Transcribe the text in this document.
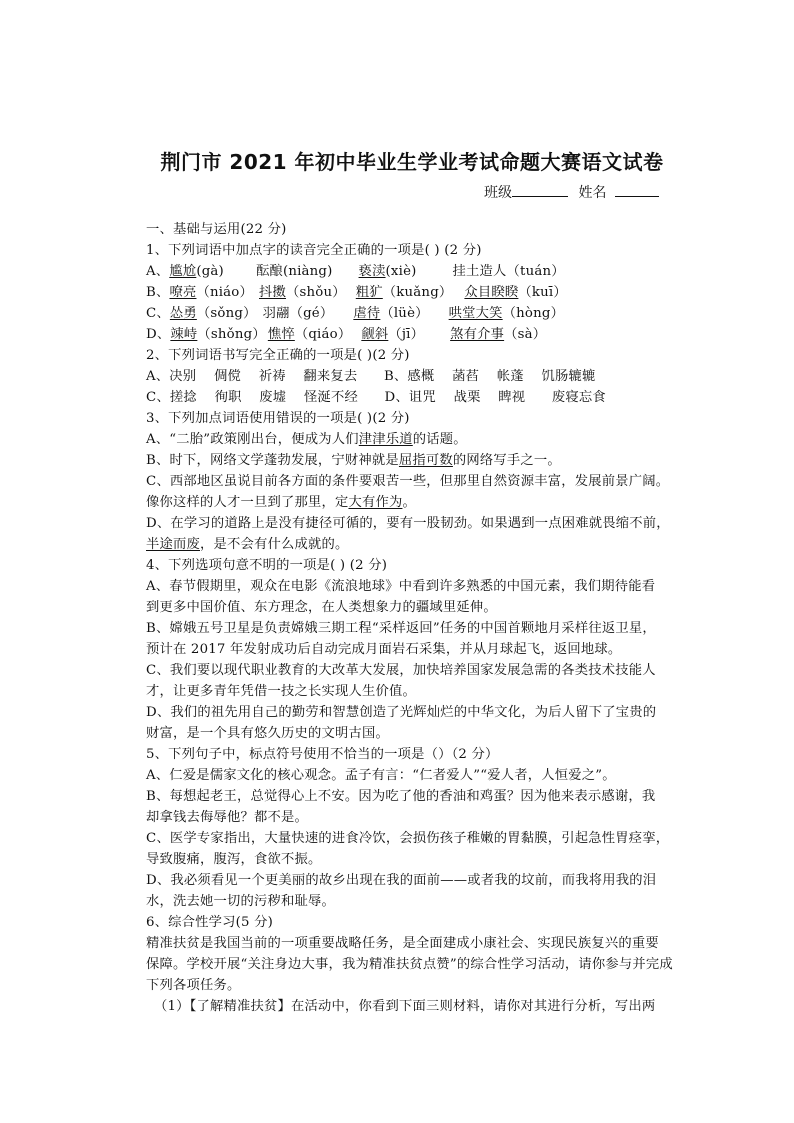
荆门市 2021 年初中毕业生学业考试命题大赛语文试卷
班级	姓名
一、基础与运用(22 分)
1、下列词语中加点字的读音完全正确的一项是( ) (2 分)
A、尴尬(gà) 酝酿(niàng) 亵渎(xiè)	挂土造人（tuán）
B、嘹亮（niáo） 抖擞（shǒu） 粗犷（kuǎng） 众目睽睽（kuī）
C、怂勇（sǒng） 羽翮（gé） 虐待（lüè） 哄堂大笑（hòng）
D、竦峙（shǒng） 憔悴（qiáo） 觎斜（jī） 煞有介事（sà）
2、下列词语书写完全正确的一项是( )(2 分)
A、决别    倜傥    祈祷    翻来复去      B、感概    菡萏    帐蓬    饥肠辘辘
C、搓捻    徇职    废墟    怪涎不经      D、诅咒    战栗    睥视      废寝忘食
3、下列加点词语使用错误的一项是( )(2 分)
A、“二胎”政策刚出台，便成为人们津津乐道的话题。
B、时下，网络文学蓬勃发展，宁财神就是屈指可数的网络写手之一。
C、西部地区虽说目前各方面的条件要艰苦一些，但那里自然资源丰富，发展前景广阔。
像你这样的人才一旦到了那里，定大有作为。
D、在学习的道路上是没有捷径可循的，要有一股韧劲。如果遇到一点困难就畏缩不前，
半途而废，是不会有什么成就的。
4、下列选项句意不明的一项是( ) (2 分)
A、春节假期里，观众在电影《流浪地球》中看到许多熟悉的中国元素，我们期待能看
到更多中国价值、东方理念，在人类想象力的疆域里延伸。
B、嫦娥五号卫星是负责嫦娥三期工程“采样返回”任务的中国首颗地月采样往返卫星，
预计在 2017 年发射成功后自动完成月面岩石采集，并从月球起飞，返回地球。
C、我们要以现代职业教育的大改革大发展，加快培养国家发展急需的各类技术技能人
才，让更多青年凭借一技之长实现人生价值。
D、我们的祖先用自己的勤劳和智慧创造了光辉灿烂的中华文化，为后人留下了宝贵的
财富，是一个具有悠久历史的文明古国。
5、下列句子中，标点符号使用不恰当的一项是（）（2 分）
A、仁爱是儒家文化的核心观念。孟子有言：“仁者爱人”“爱人者，人恒爱之”。
B、每想起老王，总觉得心上不安。因为吃了他的香油和鸡蛋？因为他来表示感谢，我
却拿钱去侮辱他？都不是。
C、医学专家指出，大量快速的进食冷饮，会损伤孩子稚嫩的胃黏膜，引起急性胃痉挛，
导致腹痛，腹泻，食欲不振。
D、我必须看见一个更美丽的故乡出现在我的面前——或者我的坟前，而我将用我的泪
水，洗去她一切的污秽和耻辱。
6、综合性学习(5 分)
精准扶贫是我国当前的一项重要战略任务，是全面建成小康社会、实现民族复兴的重要
保障。学校开展“关注身边大事，我为精准扶贫点赞”的综合性学习活动，请你参与并完成
下列各项任务。
（1）【了解精准扶贫】在活动中，你看到下面三则材料，请你对其进行分析，写出两
